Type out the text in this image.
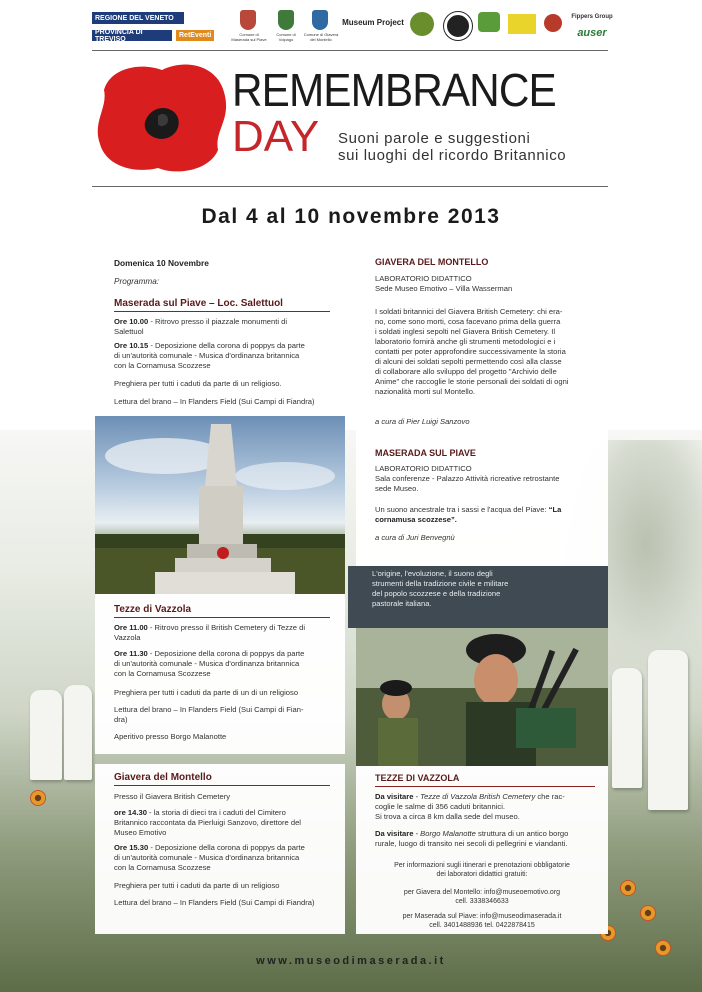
REGIONE DEL VENETO
PROVINCIA DI TREVISO	RetEventi	Comune di Maserada sul Piave
Comune di Volpago
Comune di Giavera del Montello
Museum Project
Fippers Group
auser
REMEMBRANCE
DAY Suoni parole e suggestioni
sui luoghi del ricordo Britannico
Dal 4 al 10 novembre 2013
Domenica 10 Novembre
Programma:
Maserada sul Piave – Loc. Salettuol
Ore 10.00 - Ritrovo presso il piazzale monumenti di
Salettuol
Ore 10.15 - Deposizione della corona di poppys da parte
di un'autorità comunale - Musica d'ordinanza britannica
con la Cornamusa Scozzese
Preghiera per tutti i caduti da parte di un religioso.
Lettura del brano – In Flanders Field (Sui Campi di Fiandra)
Tezze di Vazzola
Ore 11.00 - Ritrovo presso il British Cemetery di Tezze di
Vazzola
Ore 11.30 - Deposizione della corona di poppys da parte
di un'autorità comunale - Musica d'ordinanza britannica
con la Cornamusa Scozzese
Preghiera per tutti i caduti da parte di un di un religioso
Lettura del brano – In Flanders Field (Sui Campi di Fian-
dra)
Aperitivo presso Borgo Malanotte
Giavera del Montello
Presso il Giavera British Cemetery
ore 14.30 - la storia di dieci tra i caduti del Cimitero
Britannico raccontata da Pierluigi Sanzovo, direttore del
Museo Emotivo
Ore 15.30 - Deposizione della corona di poppys da parte
di un'autorità comunale - Musica d'ordinanza britannica
con la Cornamusa Scozzese
Preghiera per tutti i caduti da parte di un religioso
Lettura del brano – In Flanders Field (Sui Campi di Fiandra)
GIAVERA DEL MONTELLO
LABORATORIO DIDATTICO
Sede Museo Emotivo – Villa Wasserman
I soldati britannici del Giavera British Cemetery: chi era-
no, come sono morti, cosa facevano prima della guerra
i soldati inglesi sepolti nel Giavera British Cemetery. Il
laboratorio fornirà anche gli strumenti metodologici e i
contatti per poter approfondire successivamente la storia
di alcuni dei soldati sepolti permettendo così alla classe
di collaborare allo sviluppo del progetto "Archivio delle
Anime" che raccoglie le storie personali dei soldati di ogni
nazionalità morti sul Montello.
a cura di Pier Luigi Sanzovo
MASERADA SUL PIAVE
LABORATORIO DIDATTICO
Sala conferenze - Palazzo Attività ricreative retrostante
sede Museo.
Un suono ancestrale tra i sassi e l'acqua del Piave: “La
cornamusa scozzese”.
a cura di Juri Benvegnù
L'origine, l'evoluzione, il suono degli
strumenti della tradizione civile e militare
del popolo scozzese e della tradizione
pastorale italiana.
TEZZE DI VAZZOLA
Da visitare - Tezze di Vazzola British Cemetery che rac-
coglie le salme di 356 caduti britannici.
Si trova a circa 8 km dalla sede del museo.
Da visitare - Borgo Malanotte struttura di un antico borgo
rurale, luogo di transito nei secoli di pellegrini e viandanti.
Per informazioni sugli itinerari e prenotazioni obbligatorie
dei laboratori didattici gratuiti:
per Giavera del Montello: info@museoemotivo.org
cell. 3338346633
per Maserada sul Piave: info@museodimaserada.it
cell. 3401488936 tel. 0422878415
www.museodimaserada.it
